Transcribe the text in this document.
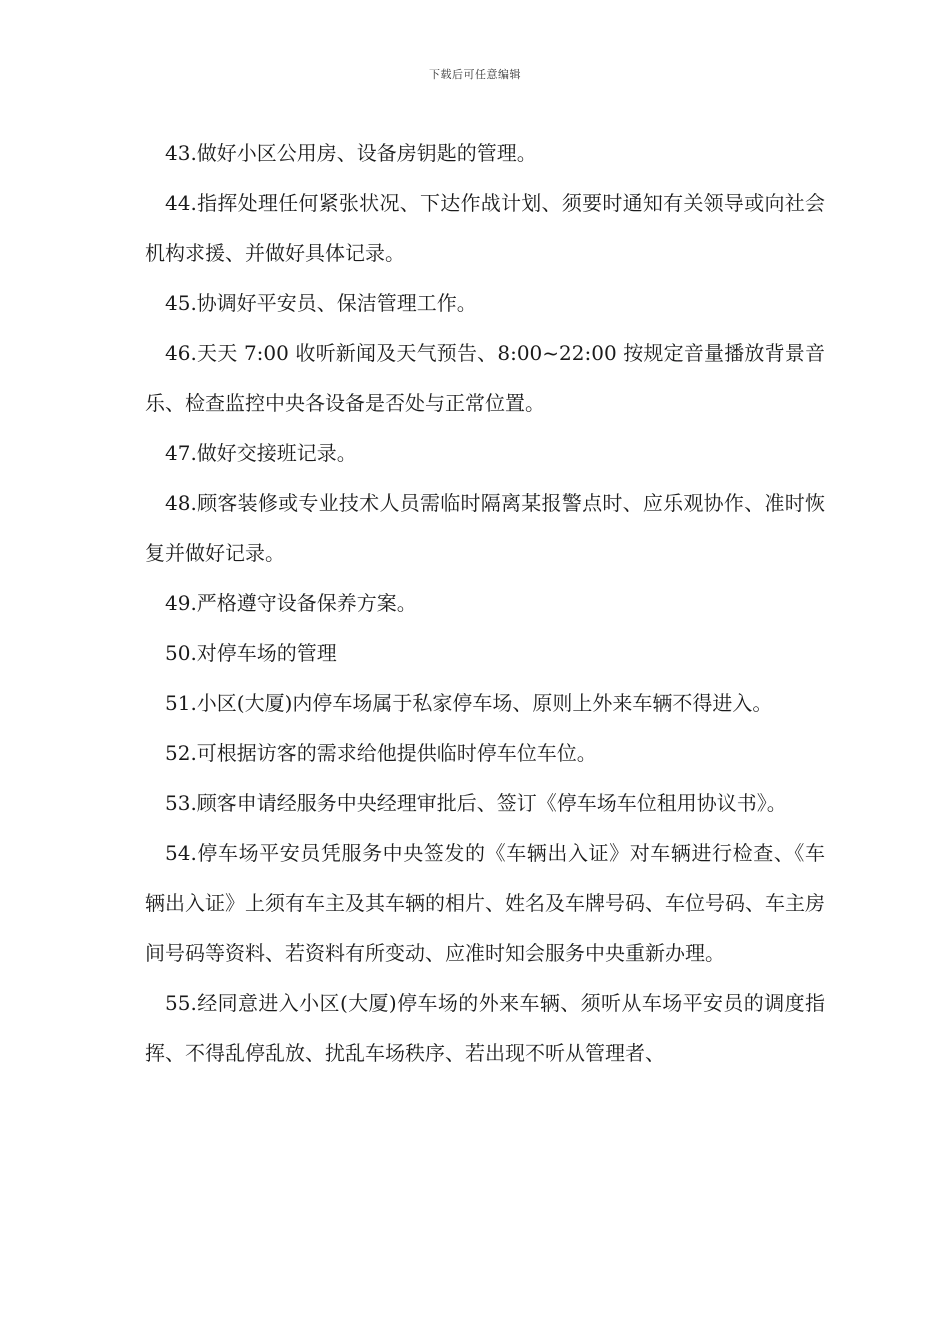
下载后可任意编辑

43.做好小区公用房、设备房钥匙的管理。

44.指挥处理任何紧张状况、下达作战计划、须要时通知有关领导或向社会机构求援、并做好具体记录。

45.协调好平安员、保洁管理工作。

46.天天 7:00 收听新闻及天气预告、8:00~22:00 按规定音量播放背景音乐、检查监控中央各设备是否处与正常位置。

47.做好交接班记录。

48.顾客装修或专业技术人员需临时隔离某报警点时、应乐观协作、准时恢复并做好记录。

49.严格遵守设备保养方案。

50.对停车场的管理

51.小区(大厦)内停车场属于私家停车场、原则上外来车辆不得进入。

52.可根据访客的需求给他提供临时停车位车位。

53.顾客申请经服务中央经理审批后、签订《停车场车位租用协议书》。

54.停车场平安员凭服务中央签发的《车辆出入证》对车辆进行检查、《车辆出入证》上须有车主及其车辆的相片、姓名及车牌号码、车位号码、车主房间号码等资料、若资料有所变动、应准时知会服务中央重新办理。

55.经同意进入小区(大厦)停车场的外来车辆、须听从车场平安员的调度指挥、不得乱停乱放、扰乱车场秩序、若出现不听从管理者、
